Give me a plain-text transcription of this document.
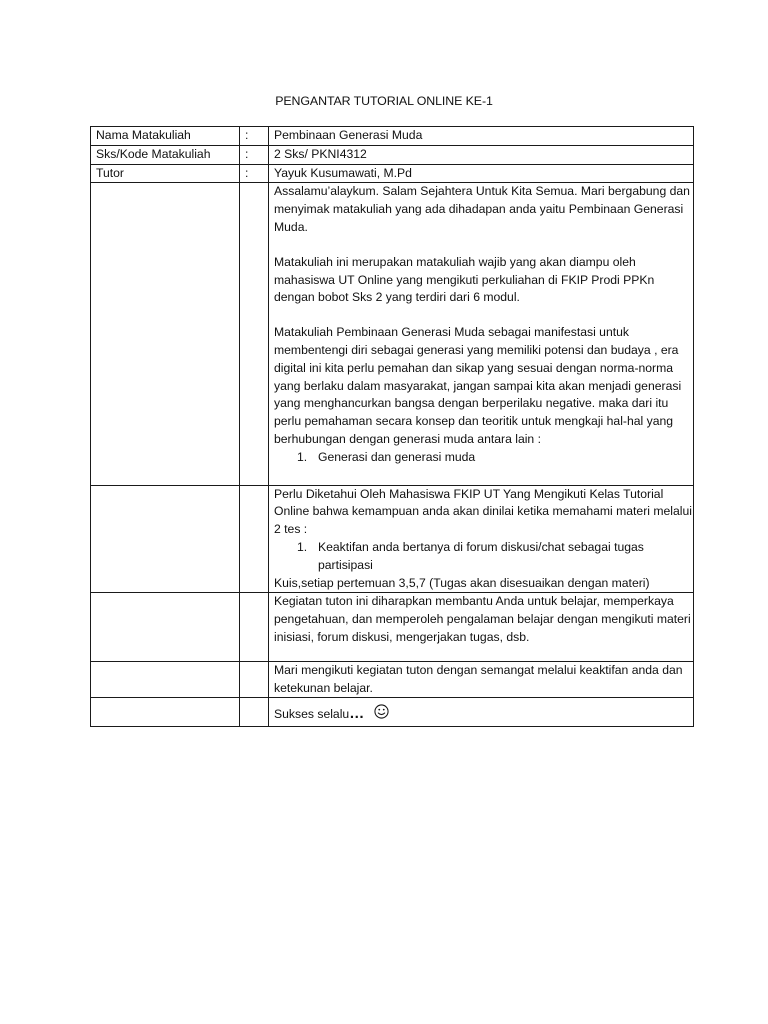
PENGANTAR TUTORIAL ONLINE KE-1
Nama Matakuliah	:	Pembinaan Generasi Muda
Sks/Kode Matakuliah	:	2 Sks/ PKNI4312
Tutor	:	Yayuk Kusumawati, M.Pd

		Assalamu’alaykum. Salam Sejahtera Untuk Kita Semua. Mari bergabung dan menyimak matakuliah yang ada dihadapan anda yaitu Pembinaan Generasi Muda.

Matakuliah ini merupakan matakuliah wajib yang akan diampu oleh mahasiswa UT Online yang mengikuti perkuliahan di FKIP Prodi PPKn dengan bobot Sks 2 yang terdiri dari 6 modul.

Matakuliah Pembinaan Generasi Muda sebagai manifestasi untuk membentengi diri sebagai generasi yang memiliki potensi dan budaya , era digital ini kita perlu pemahan dan sikap yang sesuai dengan norma-norma yang berlaku dalam masyarakat, jangan sampai kita akan menjadi generasi yang menghancurkan bangsa dengan berperilaku negative. maka dari itu perlu pemahaman secara konsep dan teoritik untuk mengkaji hal-hal yang berhubungan dengan generasi muda antara lain :

1. Generasi dan generasi muda

		Perlu Diketahui Oleh Mahasiswa FKIP UT Yang Mengikuti Kelas Tutorial Online bahwa kemampuan anda akan dinilai ketika memahami materi melalui 2 tes :

1. Keaktifan anda bertanya di forum diskusi/chat sebagai tugas partisipasi

Kuis,setiap pertemuan 3,5,7 (Tugas akan disesuaikan dengan materi)

		Kegiatan tuton ini diharapkan membantu Anda untuk belajar, memperkaya pengetahuan, dan memperoleh pengalaman belajar dengan mengikuti materi inisiasi, forum diskusi, mengerjakan tugas, dsb.

		Mari mengikuti kegiatan tuton dengan semangat melalui keaktifan anda dan ketekunan belajar.

		Sukses selalu…
